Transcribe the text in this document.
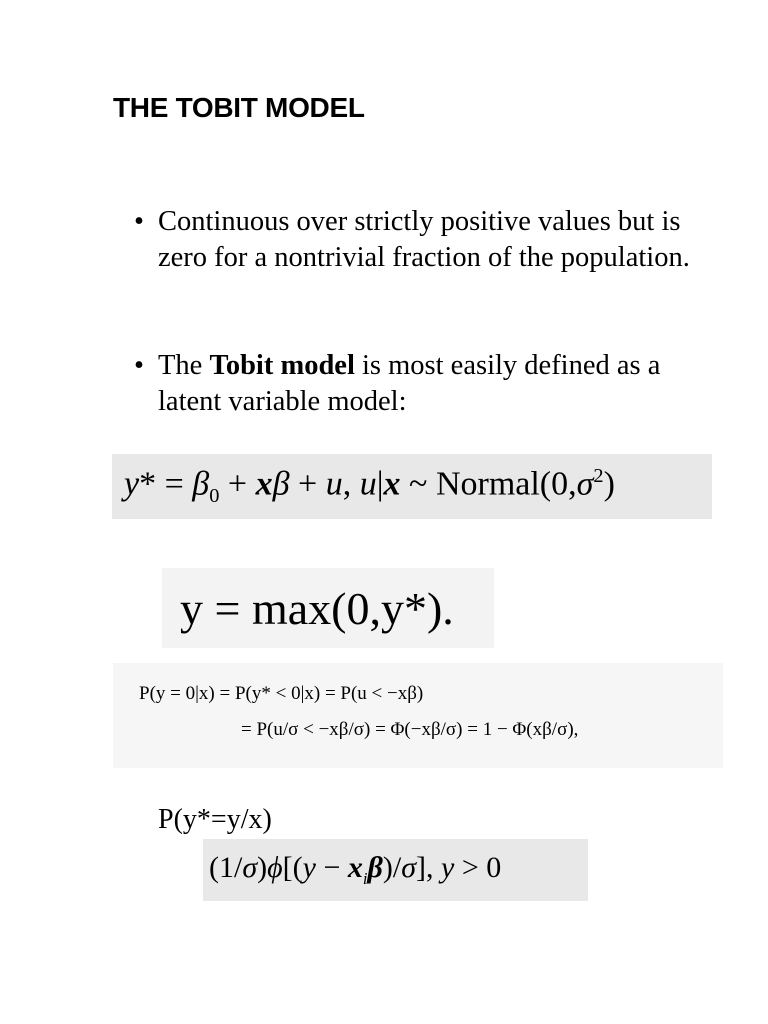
THE TOBIT MODEL
• Continuous over strictly positive values but is zero for a nontrivial fraction of the population.
• The Tobit model is most easily defined as a latent variable model:
$y* = \beta_0 + x\beta + u$, u|x ~ $Normal(0,\sigma^2)$
y = max(0,y*).
P(y = 0|x) = P(y* < 0|x) = P(u < −xβ)
= P(u/σ < −xβ/σ) = Φ(−xβ/σ) = 1 − Φ(xβ/σ),
P(y*=y/x)
$(1/\sigma)\phi[(y - x_i\beta)/\sigma]$, y > 0
